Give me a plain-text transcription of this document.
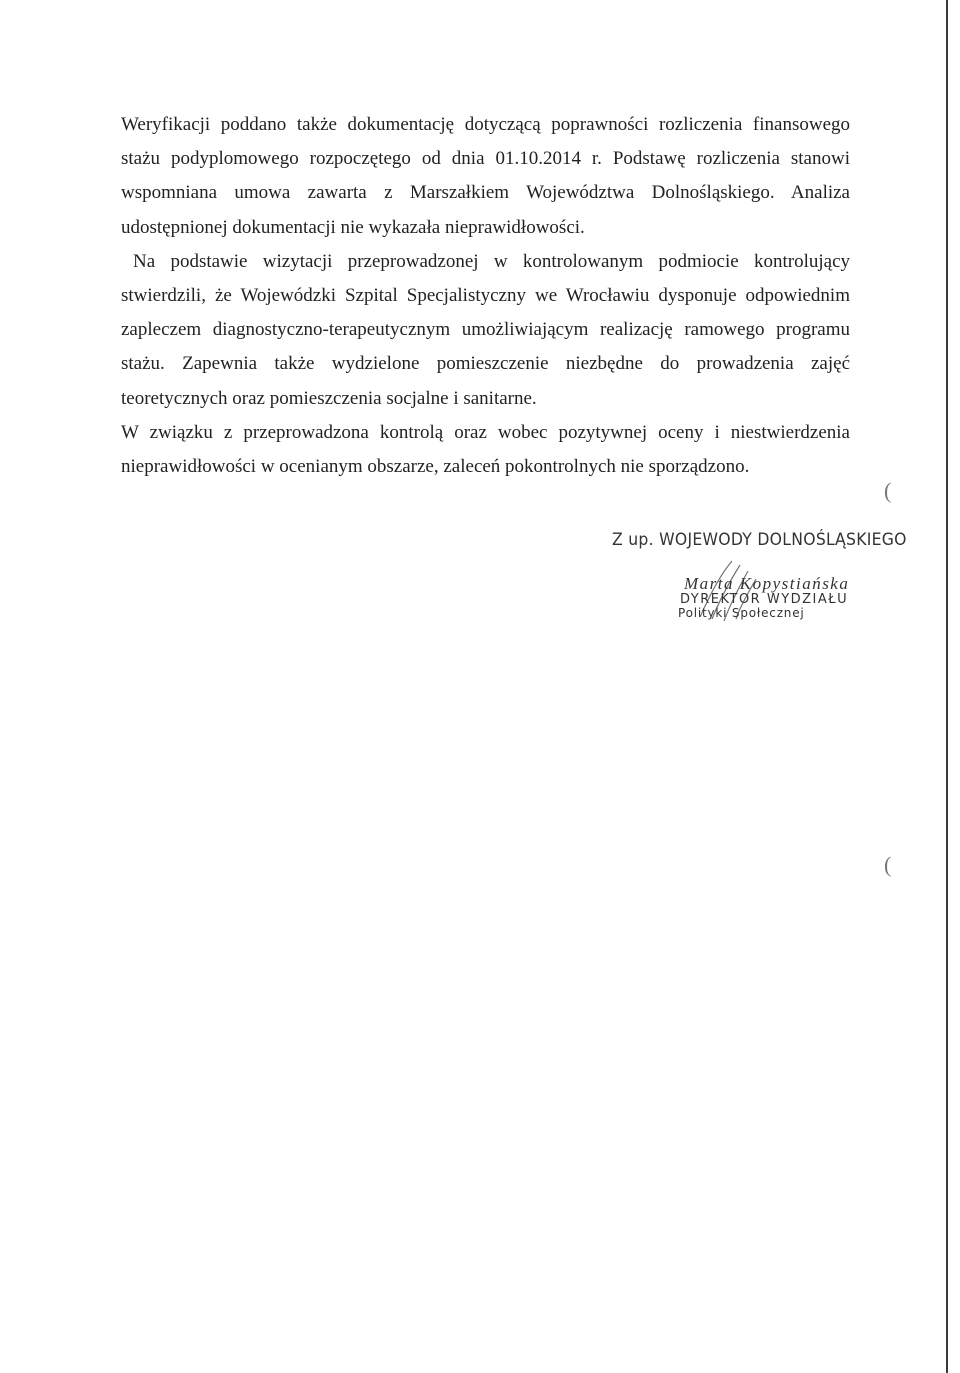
Weryfikacji poddano także dokumentację dotyczącą poprawności rozliczenia finansowego stażu podyplomowego rozpoczętego od dnia 01.10.2014 r. Podstawę rozliczenia stanowi wspomniana umowa zawarta z Marszałkiem Województwa Dolnośląskiego. Analiza udostępnionej dokumentacji nie wykazała nieprawidłowości.

Na podstawie wizytacji przeprowadzonej w kontrolowanym podmiocie kontrolujący stwierdzili, że Wojewódzki Szpital Specjalistyczny we Wrocławiu dysponuje odpowiednim zapleczem diagnostyczno-terapeutycznym umożliwiającym realizację ramowego programu stażu. Zapewnia także wydzielone pomieszczenie niezbędne do prowadzenia zajęć teoretycznych oraz pomieszczenia socjalne i sanitarne.

W związku z przeprowadzona kontrolą oraz wobec pozytywnej oceny i niestwierdzenia nieprawidłowości w ocenianym obszarze, zaleceń pokontrolnych nie sporządzono.

Z up. WOJEWODY DOLNOŚLĄSKIEGO
Marta Kopystiańska
DYREKTOR WYDZIAŁU
Polityki Społecznej
(
(
